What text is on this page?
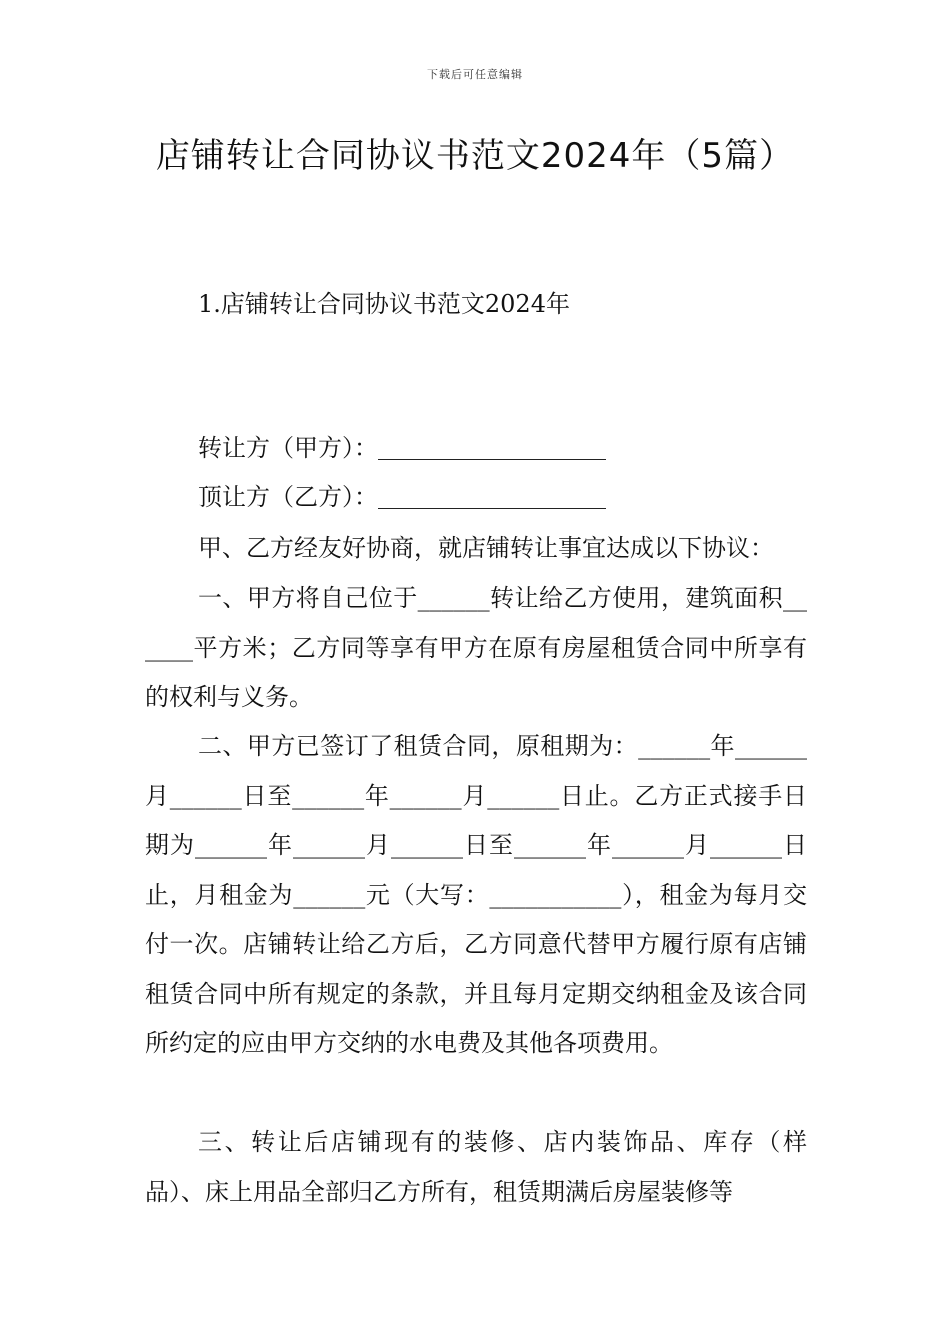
下载后可任意编辑
店铺转让合同协议书范文2024年（5篇）
1.店铺转让合同协议书范文2024年

转让方（甲方）：

顶让方（乙方）：

甲、乙方经友好协商，就店铺转让事宜达成以下协议：

一、甲方将自己位于______转让给乙方使用，建筑面积______平方米；乙方同等享有甲方在原有房屋租赁合同中所享有的权利与义务。

二、甲方已签订了租赁合同，原租期为：______年______月______日至______年______月______日止。乙方正式接手日期为______年______月______日至______年______月______日止，月租金为______元（大写：___________），租金为每月交付一次。店铺转让给乙方后，乙方同意代替甲方履行原有店铺租赁合同中所有规定的条款，并且每月定期交纳租金及该合同所约定的应由甲方交纳的水电费及其他各项费用。

三、转让后店铺现有的装修、店内装饰品、库存（样品）、床上用品全部归乙方所有，租赁期满后房屋装修等
